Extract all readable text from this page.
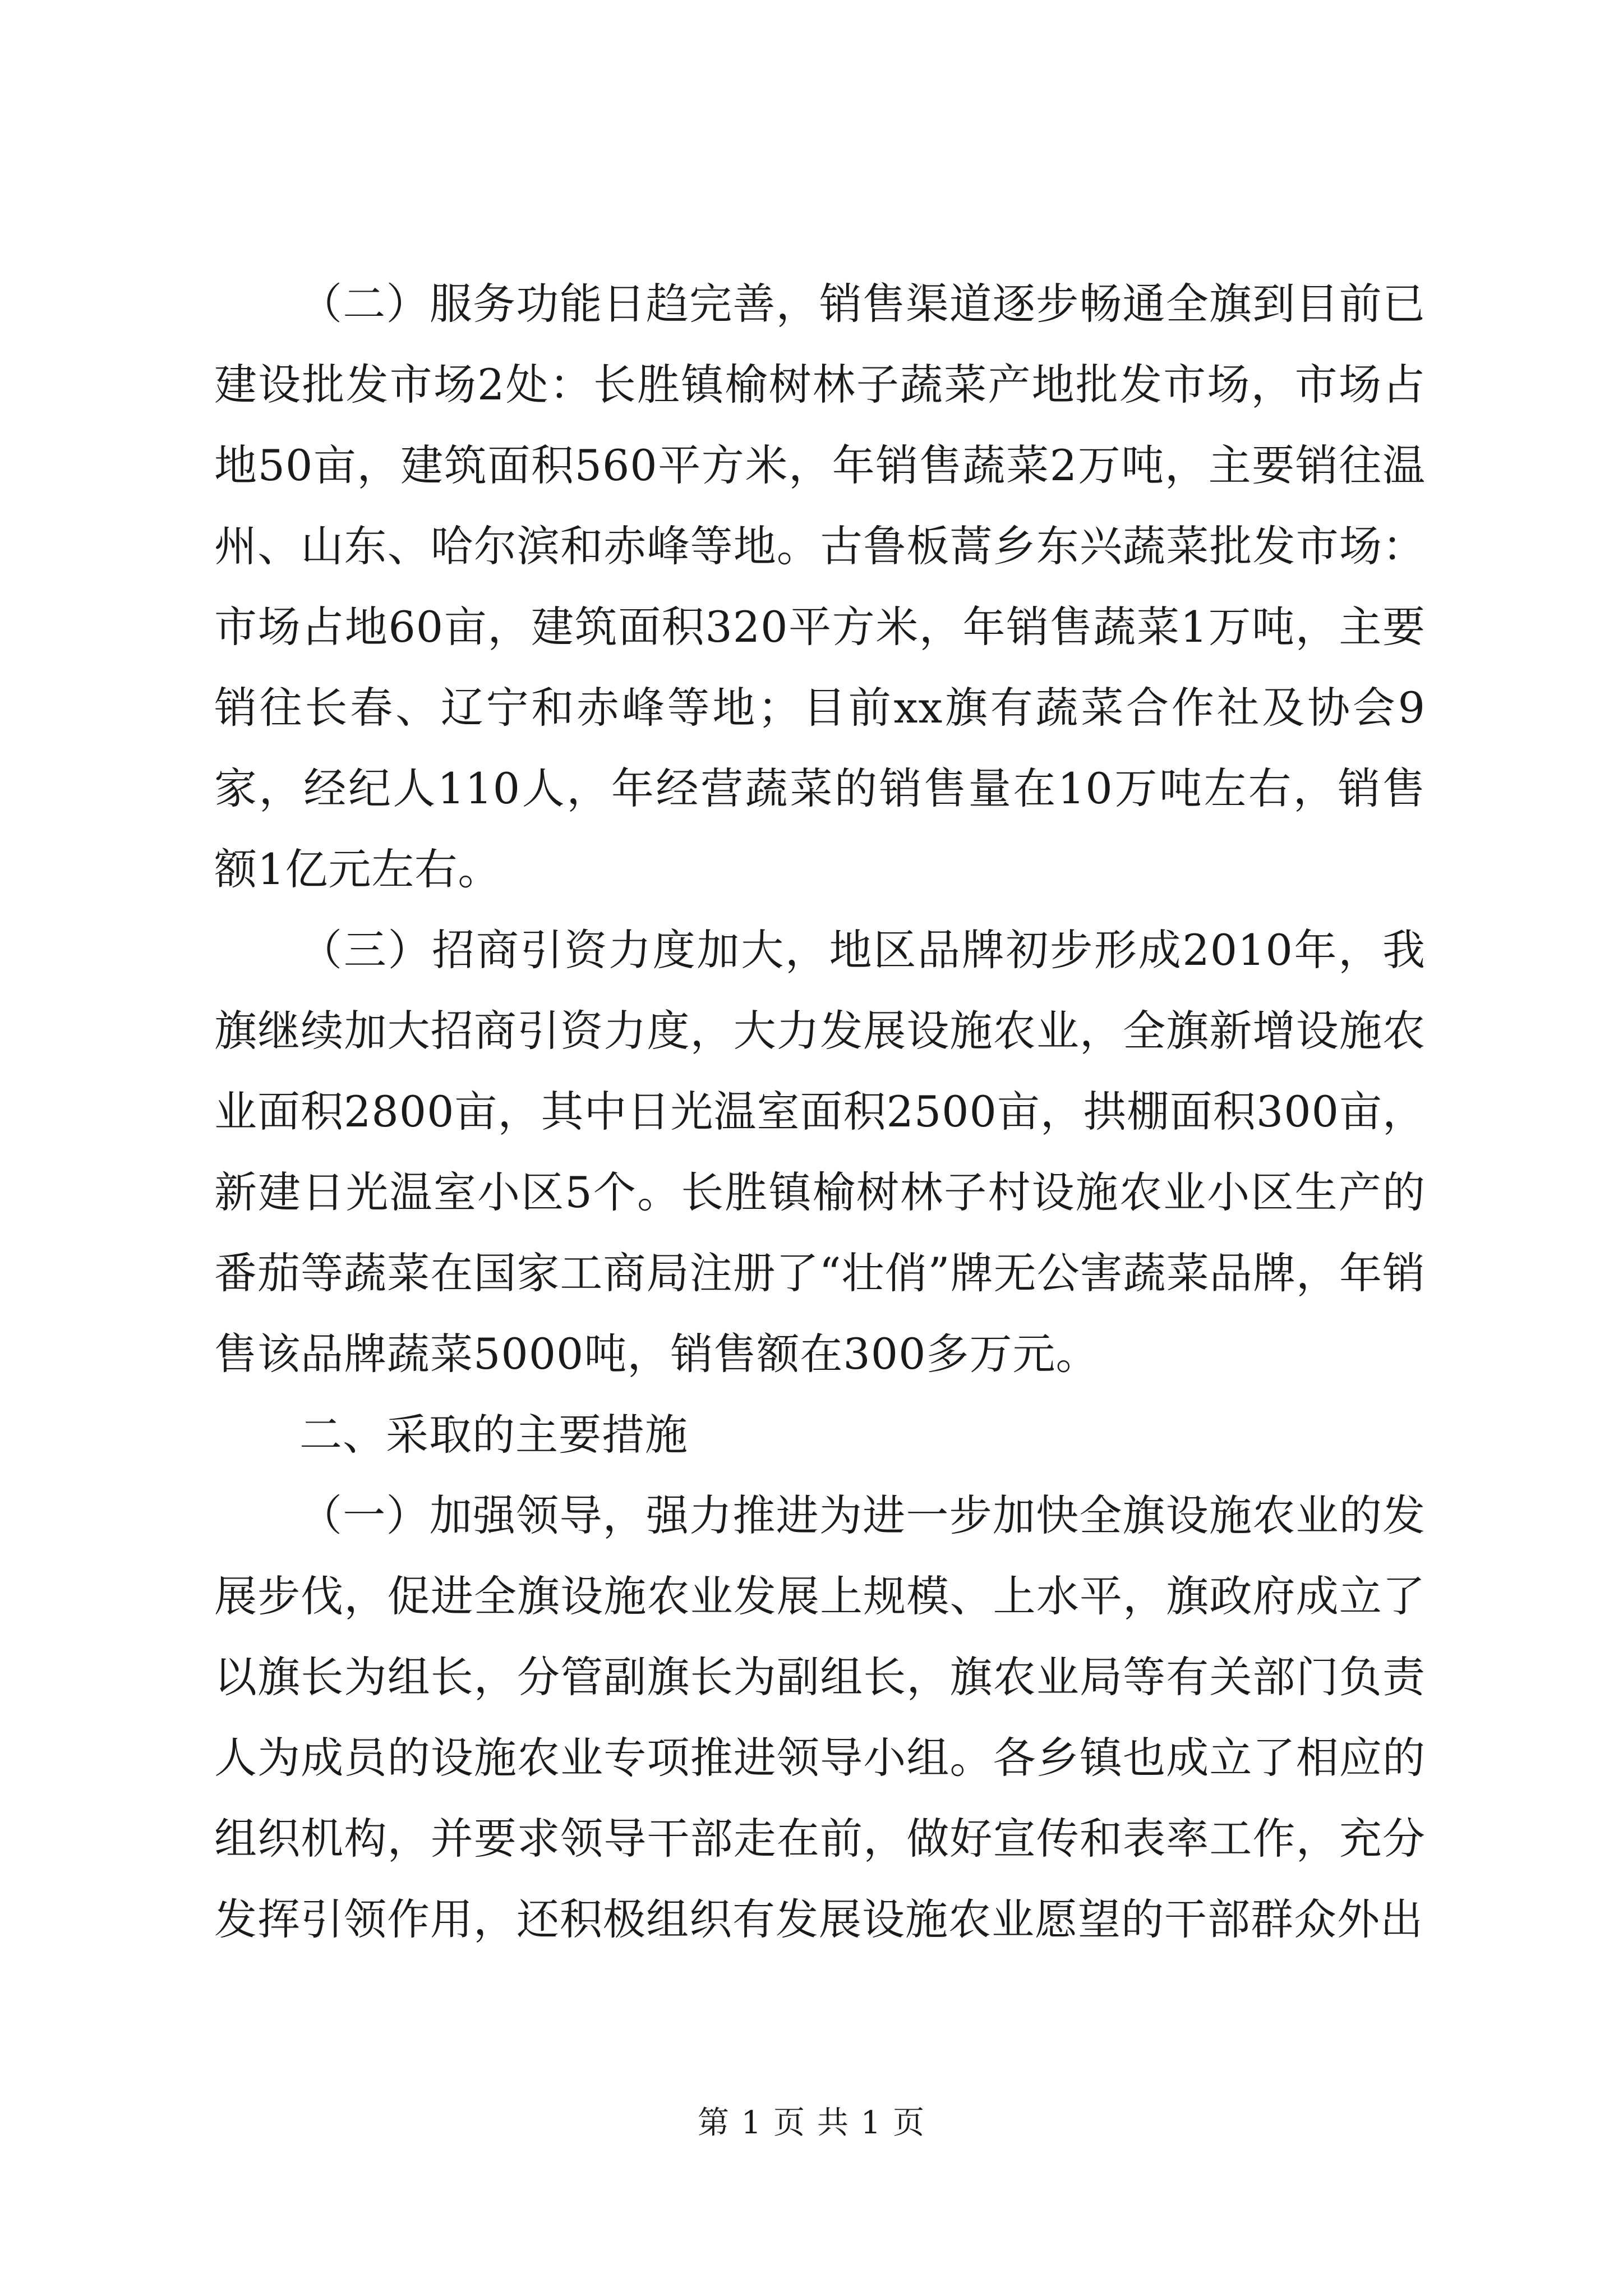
（二）服务功能日趋完善，销售渠道逐步畅通全旗到目前已建设批发市场2处：长胜镇榆树林子蔬菜产地批发市场，市场占地50亩，建筑面积560平方米，年销售蔬菜2万吨，主要销往温州、山东、哈尔滨和赤峰等地。古鲁板蒿乡东兴蔬菜批发市场：市场占地60亩，建筑面积320平方米，年销售蔬菜1万吨，主要销往长春、辽宁和赤峰等地；目前xx旗有蔬菜合作社及协会9家，经纪人110人，年经营蔬菜的销售量在10万吨左右，销售额1亿元左右。

（三）招商引资力度加大，地区品牌初步形成2010年，我旗继续加大招商引资力度，大力发展设施农业，全旗新增设施农业面积2800亩，其中日光温室面积2500亩，拱棚面积300亩，新建日光温室小区5个。长胜镇榆树林子村设施农业小区生产的番茄等蔬菜在国家工商局注册了“壮俏”牌无公害蔬菜品牌，年销售该品牌蔬菜5000吨，销售额在300多万元。

二、采取的主要措施

（一）加强领导，强力推进为进一步加快全旗设施农业的发展步伐，促进全旗设施农业发展上规模、上水平，旗政府成立了以旗长为组长，分管副旗长为副组长，旗农业局等有关部门负责人为成员的设施农业专项推进领导小组。各乡镇也成立了相应的组织机构，并要求领导干部走在前，做好宣传和表率工作，充分发挥引领作用，还积极组织有发展设施农业愿望的干部群众外出

第 1 页 共 1 页
